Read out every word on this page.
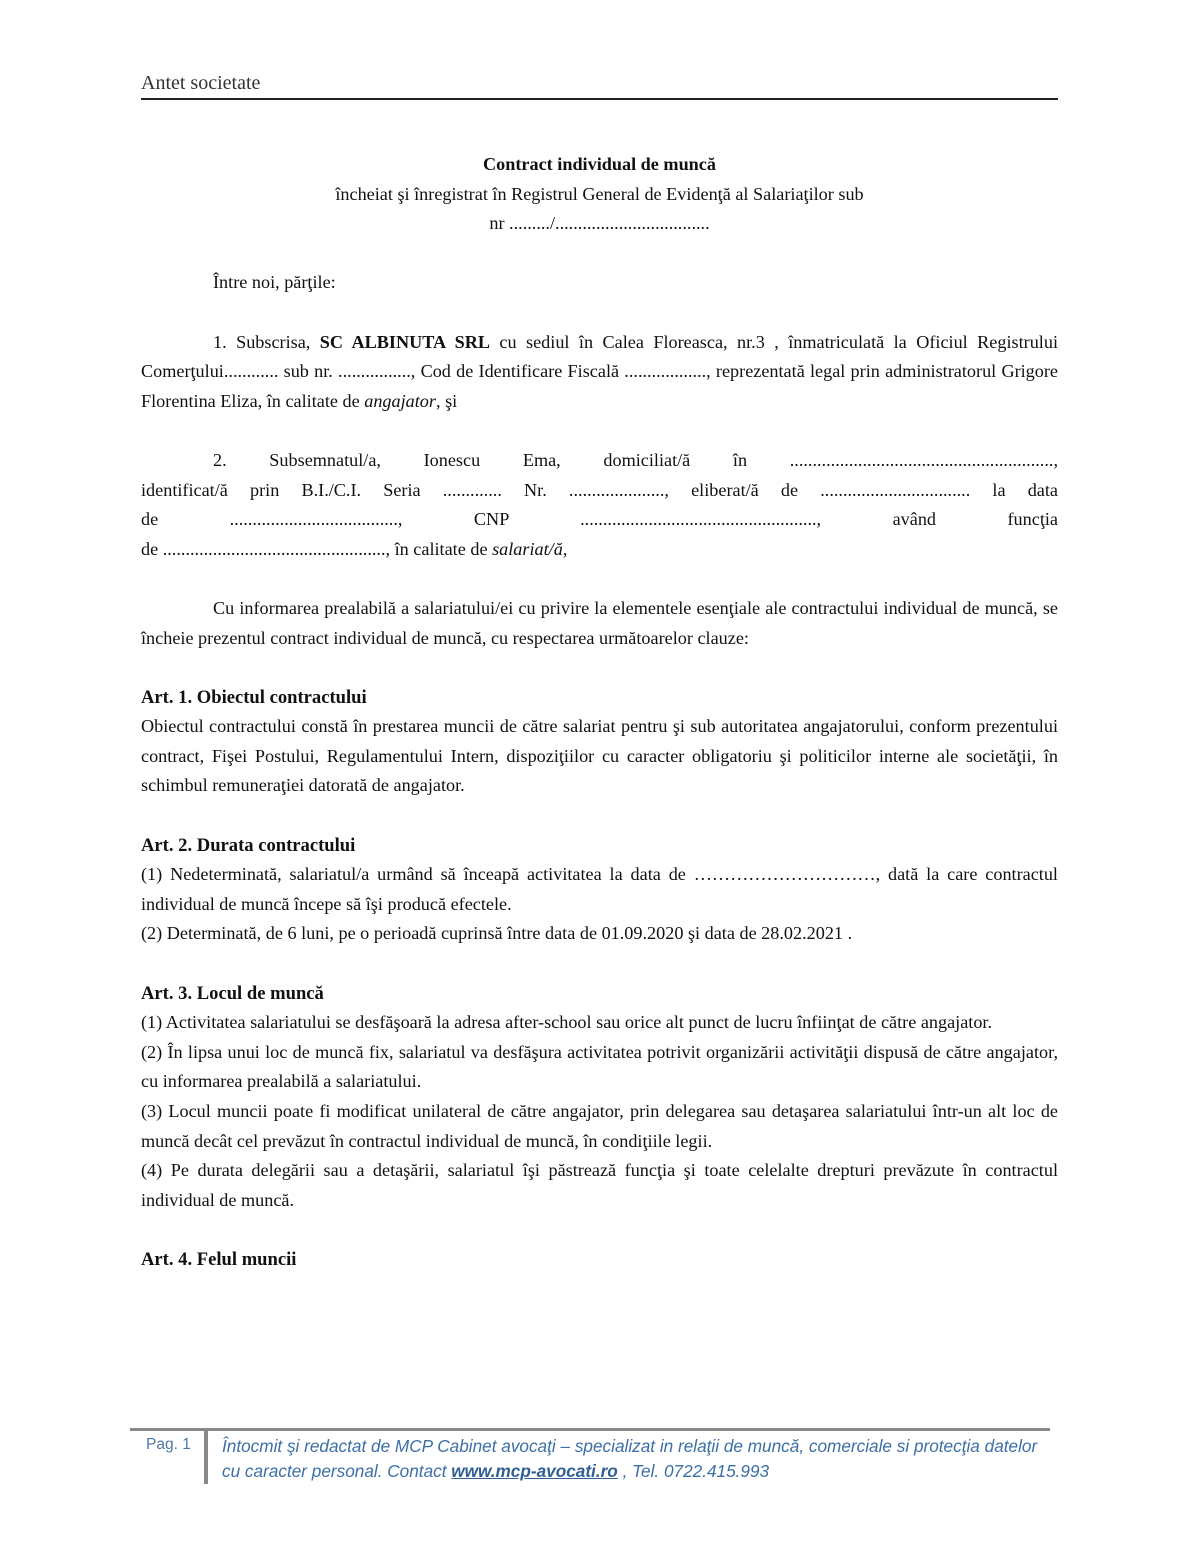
Antet societate

Contract individual de muncă

încheiat şi înregistrat în Registrul General de Evidenţă al Salariaţilor sub

nr ........./..................................

Între noi, părţile:

1. Subscrisa, SC ALBINUTA SRL cu sediul în Calea Floreasca, nr.3 , înmatriculată la Oficiul Registrului Comerţului............ sub nr. ................, Cod de Identificare Fiscală .................., reprezentată legal prin administratorul Grigore Florentina Eliza, în calitate de angajator, şi

2. Subsemnatul/a, Ionescu Ema, domiciliat/ă în ..........................................................,

identificat/ă prin B.I./C.I. Seria ............. Nr. ....................., eliberat/ă de ................................. la data

de ....................................., CNP ...................................................., având funcţia

de ................................................., în calitate de salariat/ă,

Cu informarea prealabilă a salariatului/ei cu privire la elementele esenţiale ale contractului individual de muncă, se încheie prezentul contract individual de muncă, cu respectarea următoarelor clauze:

Art. 1. Obiectul contractului

Obiectul contractului constă în prestarea muncii de către salariat pentru şi sub autoritatea angajatorului, conform prezentului contract, Fişei Postului, Regulamentului Intern, dispoziţiilor cu caracter obligatoriu şi politicilor interne ale societăţii, în schimbul remuneraţiei datorată de angajator.

Art. 2. Durata contractului

(1) Nedeterminată, salariatul/a urmând să înceapă activitatea la data de …………………………, dată la care contractul individual de muncă începe să îşi producă efectele.

(2) Determinată, de 6 luni, pe o perioadă cuprinsă între data de 01.09.2020 şi data de 28.02.2021 .

Art. 3. Locul de muncă

(1) Activitatea salariatului se desfăşoară la adresa after-school sau orice alt punct de lucru înfiinţat de către angajator.

(2) În lipsa unui loc de muncă fix, salariatul va desfăşura activitatea potrivit organizării activităţii dispusă de către angajator, cu informarea prealabilă a salariatului.

(3) Locul muncii poate fi modificat unilateral de către angajator, prin delegarea sau detaşarea salariatului într-un alt loc de muncă decât cel prevăzut în contractul individual de muncă, în condiţiile legii.

(4) Pe durata delegării sau a detaşării, salariatul îşi păstrează funcţia şi toate celelalte drepturi prevăzute în contractul individual de muncă.

Art. 4. Felul muncii

Pag. 1 Întocmit şi redactat de MCP Cabinet avocaţi – specializat in relaţii de muncă, comerciale si protecţia datelor cu caracter personal. Contact www.mcp-avocati.ro , Tel. 0722.415.993
